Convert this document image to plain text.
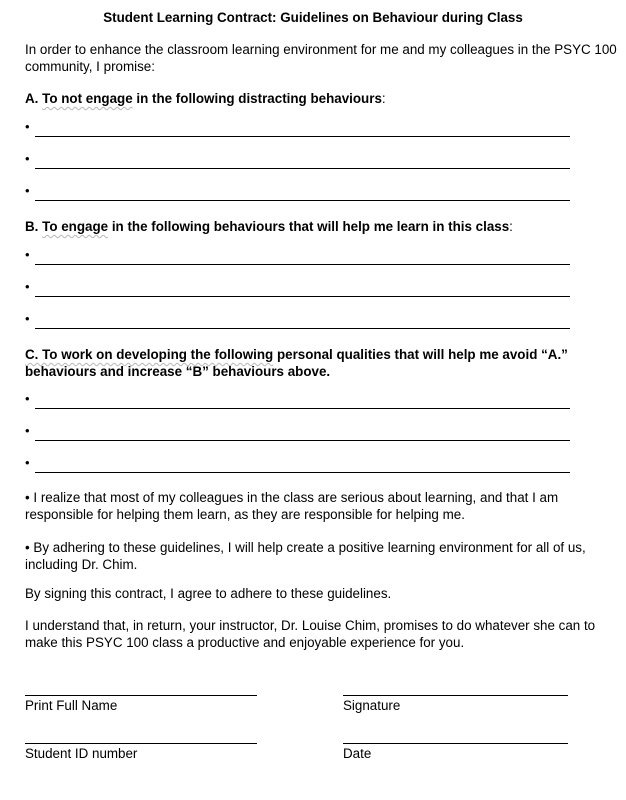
Student Learning Contract: Guidelines on Behaviour during Class

In order to enhance the classroom learning environment for me and my colleagues in the PSYC 100 community, I promise:

A. To not engage in the following distracting behaviours:
•
•
•
B. To engage in the following behaviours that will help me learn in this class:
•
•
•
C. To work on developing the following personal qualities that will help me avoid “A.” behaviours and increase “B” behaviours above.
•
•
•

• I realize that most of my colleagues in the class are serious about learning, and that I am responsible for helping them learn, as they are responsible for helping me.

• By adhering to these guidelines, I will help create a positive learning environment for all of us, including Dr. Chim.

By signing this contract, I agree to adhere to these guidelines.

I understand that, in return, your instructor, Dr. Louise Chim, promises to do whatever she can to make this PSYC 100 class a productive and enjoyable experience for you.

Print Full Name	Signature
Student ID number	Date
